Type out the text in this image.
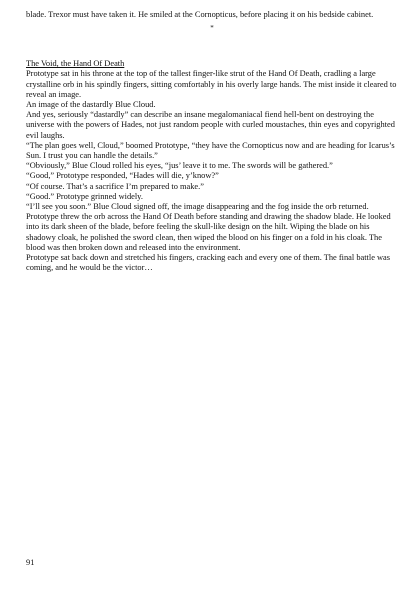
blade. Trexor must have taken it. He smiled at the Cornopticus, before placing it on his bedside cabinet.

*

The Void, the Hand Of Death

Prototype sat in his throne at the top of the tallest finger-like strut of the Hand Of Death, cradling a large crystalline orb in his spindly fingers, sitting comfortably in his overly large hands. The mist inside it cleared to reveal an image.

An image of the dastardly Blue Cloud.

And yes, seriously “dastardly” can describe an insane megalomaniacal fiend hell-bent on destroying the universe with the powers of Hades, not just random people with curled moustaches, thin eyes and copyrighted evil laughs.

“The plan goes well, Cloud,” boomed Prototype, “they have the Cornopticus now and are heading for Icarus’s Sun. I trust you can handle the details.”

“Obviously,” Blue Cloud rolled his eyes, “jus’ leave it to me. The swords will be gathered.”

“Good,” Prototype responded, “Hades will die, y’know?”

“Of course. That’s a sacrifice I’m prepared to make.”

“Good.” Prototype grinned widely.

“I’ll see you soon.” Blue Cloud signed off, the image disappearing and the fog inside the orb returned.

Prototype threw the orb across the Hand Of Death before standing and drawing the shadow blade. He looked into its dark sheen of the blade, before feeling the skull-like design on the hilt. Wiping the blade on his shadowy cloak, he polished the sword clean, then wiped the blood on his finger on a fold in his cloak. The blood was then broken down and released into the environment.

Prototype sat back down and stretched his fingers, cracking each and every one of them. The final battle was coming, and he would be the victor…

91
